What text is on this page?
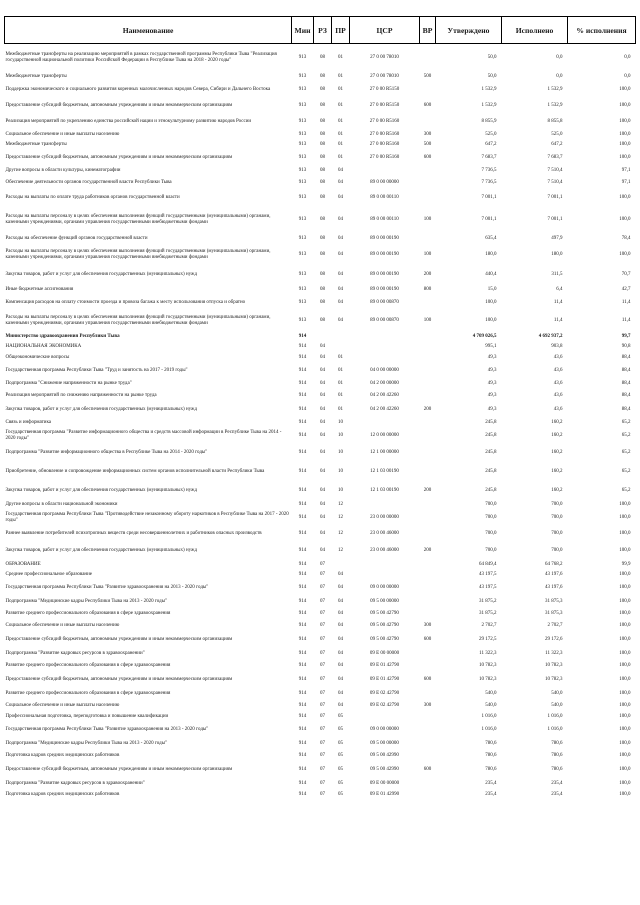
Наименование	Мин	РЗ	ПР	ЦСР	ВР	Утверждено	Исполнено	% исполнения
Межбюджетные трансферты на реализацию мероприятий в рамках государственной программы Республики Тыва "Реализация государственной национальной политики Российской Федерации в Республике Тыва на 2018 - 2020 годы"	913	08	01	27 0 00 78010		50,0	0,0	0,0
Межбюджетные трансферты	913	08	01	27 0 00 78010	500	50,0	0,0	0,0
Поддержка экономического и социального развития коренных малочисленных народов Севера, Сибири и Дальнего Востока	913	08	01	27 0 00 R5150		1 532,9	1 532,9	100,0
Предоставление субсидий бюджетным, автономным учреждениям и иным некоммерческим организациям	913	08	01	27 0 00 R5150	600	1 532,9	1 532,9	100,0
Реализация мероприятий по укреплению единства российской нации и этнокультурному развитию народов России	913	08	01	27 0 00 R5160		8 855,9	8 855,8	100,0
Социальное обеспечение и иные выплаты населению	913	08	01	27 0 00 R5160	300	525,0	525,0	100,0
Межбюджетные трансферты	913	08	01	27 0 00 R5160	500	647,2	647,2	100,0
Предоставление субсидий бюджетным, автономным учреждениям и иным некоммерческим организациям	913	08	01	27 0 00 R5160	600	7 683,7	7 683,7	100,0
Другие вопросы в области культуры, кинематографии	913	08	04			7 736,5	7 510,4	97,1
Обеспечение деятельности органов государственной власти Республики Тыва	913	08	04	89 0 00 00000		7 736,5	7 510,4	97,1
Расходы на выплаты по оплате труда работников органов государственной власти	913	08	04	89 0 00 00110		7 001,1	7 001,1	100,0
Расходы на выплаты персоналу в целях обеспечения выполнения функций государственными (муниципальными) органами, казенными учреждениями, органами управления государственными внебюджетными фондами	913	08	04	89 0 00 00110	100	7 001,1	7 001,1	100,0
Расходы на обеспечение функций органов государственной власти	913	08	04	89 0 00 00190		635,4	497,9	78,4
Расходы на выплаты персоналу в целях обеспечения выполнения функций государственными (муниципальными) органами, казенными учреждениями, органами управления государственными внебюджетными фондами	913	08	04	89 0 00 00190	100	180,0	180,0	100,0
Закупка товаров, работ и услуг для обеспечения государственных (муниципальных) нужд	913	08	04	89 0 00 00190	200	440,4	311,5	70,7
Иные бюджетные ассигнования	913	08	04	89 0 00 00190	800	15,0	6,4	42,7
Компенсация расходов на оплату стоимости проезда и провоза багажа к месту использования отпуска и обратно	913	08	04	89 0 00 00870		100,0	11,4	11,4
Расходы на выплаты персоналу в целях обеспечения выполнения функций государственными (муниципальными) органами, казенными учреждениями, органами управления государственными внебюджетными фондами	913	08	04	89 0 00 00870	100	100,0	11,4	11,4
Министерство здравоохранения Республики Тыва	914					4 709 026,5	4 692 937,2	99,7
НАЦИОНАЛЬНАЯ ЭКОНОМИКА	914	04				995,1	903,8	90,8
Общеэкономические вопросы	914	04	01			49,3	43,6	88,4
Государственная программа Республики Тыва "Труд и занятость на 2017 - 2019 годы"	914	04	01	04 0 00 00000		49,3	43,6	88,4
Подпрограмма "Снижение напряженности на рынке труда"	914	04	01	04 2 00 00000		49,3	43,6	88,4
Реализация мероприятий по снижению напряженности на рынке труда	914	04	01	04 2 00 42260		49,3	43,6	88,4
Закупка товаров, работ и услуг для обеспечения государственных (муниципальных) нужд	914	04	01	04 2 00 42260	200	49,3	43,6	88,4
Связь и информатика	914	04	10			245,8	160,2	65,2
Государственная программа "Развитие информационного общества и средств массовой информации в Республике Тыва на 2014 - 2020 годы"	914	04	10	12 0 00 00000		245,8	160,2	65,2
Подпрограмма "Развитие информационного общества в Республике Тыва на 2014 - 2020 годы"	914	04	10	12 1 00 00000		245,8	160,2	65,2
Приобретение, обновление и сопровождение информационных систем органов исполнительной власти Республики Тыва	914	04	10	12 1 03 00190		245,8	160,2	65,2
Закупка товаров, работ и услуг для обеспечения государственных (муниципальных) нужд	914	04	10	12 1 03 00190	200	245,8	160,2	65,2
Другие вопросы в области национальной экономики	914	04	12			700,0	700,0	100,0
Государственная программа Республики Тыва "Противодействие незаконному обороту наркотиков в Республике Тыва на 2017 - 2020 годы"	914	04	12	23 0 00 00000		700,0	700,0	100,0
Раннее выявление потребителей психотропных веществ среди несовершеннолетних и работников опасных производств	914	04	12	23 0 00 46000		700,0	700,0	100,0
Закупка товаров, работ и услуг для обеспечения государственных (муниципальных) нужд	914	04	12	23 0 00 46000	200	700,0	700,0	100,0
ОБРАЗОВАНИЕ	914	07				64 849,4	64 768,2	99,9
Среднее профессиональное образование	914	07	04			43 197,5	43 197,6	100,0
Государственная программа Республики Тыва "Развитие здравоохранения на 2013 - 2020 годы"	914	07	04	09 0 00 00000		43 197,5	43 197,6	100,0
Подпрограмма "Медицинские кадры Республики Тыва на 2013 - 2020 годы"	914	07	04	09 5 00 00000		31 875,2	31 875,3	100,0
Развитие среднего профессионального образования в сфере здравоохранения	914	07	04	09 5 00 42790		31 875,2	31 875,3	100,0
Социальное обеспечение и иные выплаты населению	914	07	04	09 5 00 42790	300	2 702,7	2 702,7	100,0
Предоставление субсидий бюджетным, автономным учреждениям и иным некоммерческим организациям	914	07	04	09 5 00 42790	600	29 172,5	29 172,6	100,0
Подпрограмма "Развитие кадровых ресурсов в здравоохранении"	914	07	04	09 Е 00 00000		11 322,3	11 322,3	100,0
Развитие среднего профессионального образования в сфере здравоохранения	914	07	04	09 Е 01 42790		10 782,3	10 782,3	100,0
Предоставление субсидий бюджетным, автономным учреждениям и иным некоммерческим организациям	914	07	04	09 Е 01 42790	600	10 782,3	10 782,3	100,0
Развитие среднего профессионального образования в сфере здравоохранения	914	07	04	09 Е 02 42790		540,0	540,0	100,0
Социальное обеспечение и иные выплаты населению	914	07	04	09 Е 02 42790	300	540,0	540,0	100,0
Профессиональная подготовка, переподготовка и повышение квалификации	914	07	05			1 016,0	1 016,0	100,0
Государственная программа Республики Тыва "Развитие здравоохранения на 2013 - 2020 годы"	914	07	05	09 0 00 00000		1 016,0	1 016,0	100,0
Подпрограмма "Медицинские кадры Республики Тыва на 2013 - 2020 годы"	914	07	05	09 5 00 00000		780,6	780,6	100,0
Подготовка кадров средних медицинских работников	914	07	05	09 5 00 42990		780,6	780,6	100,0
Предоставление субсидий бюджетным, автономным учреждениям и иным некоммерческим организациям	914	07	05	09 5 00 42990	600	780,6	780,6	100,0
Подпрограмма "Развитие кадровых ресурсов в здравоохранении"	914	07	05	09 Е 00 00000		235,4	235,4	100,0
Подготовка кадров средних медицинских работников	914	07	05	09 Е 01 42990		235,4	235,4	100,0
